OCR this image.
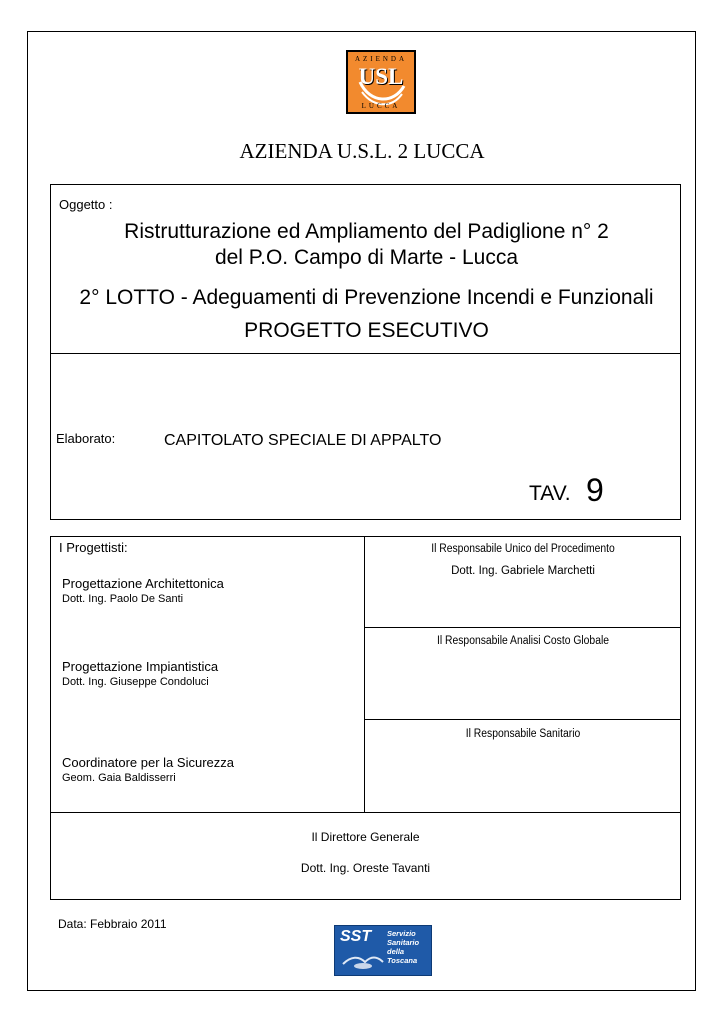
AZIENDA
USL
LUCCA
AZIENDA U.S.L. 2 LUCCA
Oggetto :
Ristrutturazione ed Ampliamento del Padiglione n° 2
del P.O. Campo di Marte - Lucca
2° LOTTO - Adeguamenti di Prevenzione Incendi e Funzionali
PROGETTO ESECUTIVO
Elaborato:	CAPITOLATO SPECIALE DI APPALTO
TAV. 9
I Progettisti:
Progettazione Architettonica
Dott. Ing. Paolo De Santi
Progettazione Impiantistica
Dott. Ing. Giuseppe Condoluci
Coordinatore per la Sicurezza
Geom. Gaia Baldisserri
Il Responsabile Unico del Procedimento
Dott. Ing. Gabriele Marchetti
Il Responsabile Analisi Costo Globale
Il Responsabile Sanitario
Il Direttore Generale
Dott. Ing. Oreste Tavanti
Data: Febbraio 2011
SST Servizio
Sanitario
della
Toscana
